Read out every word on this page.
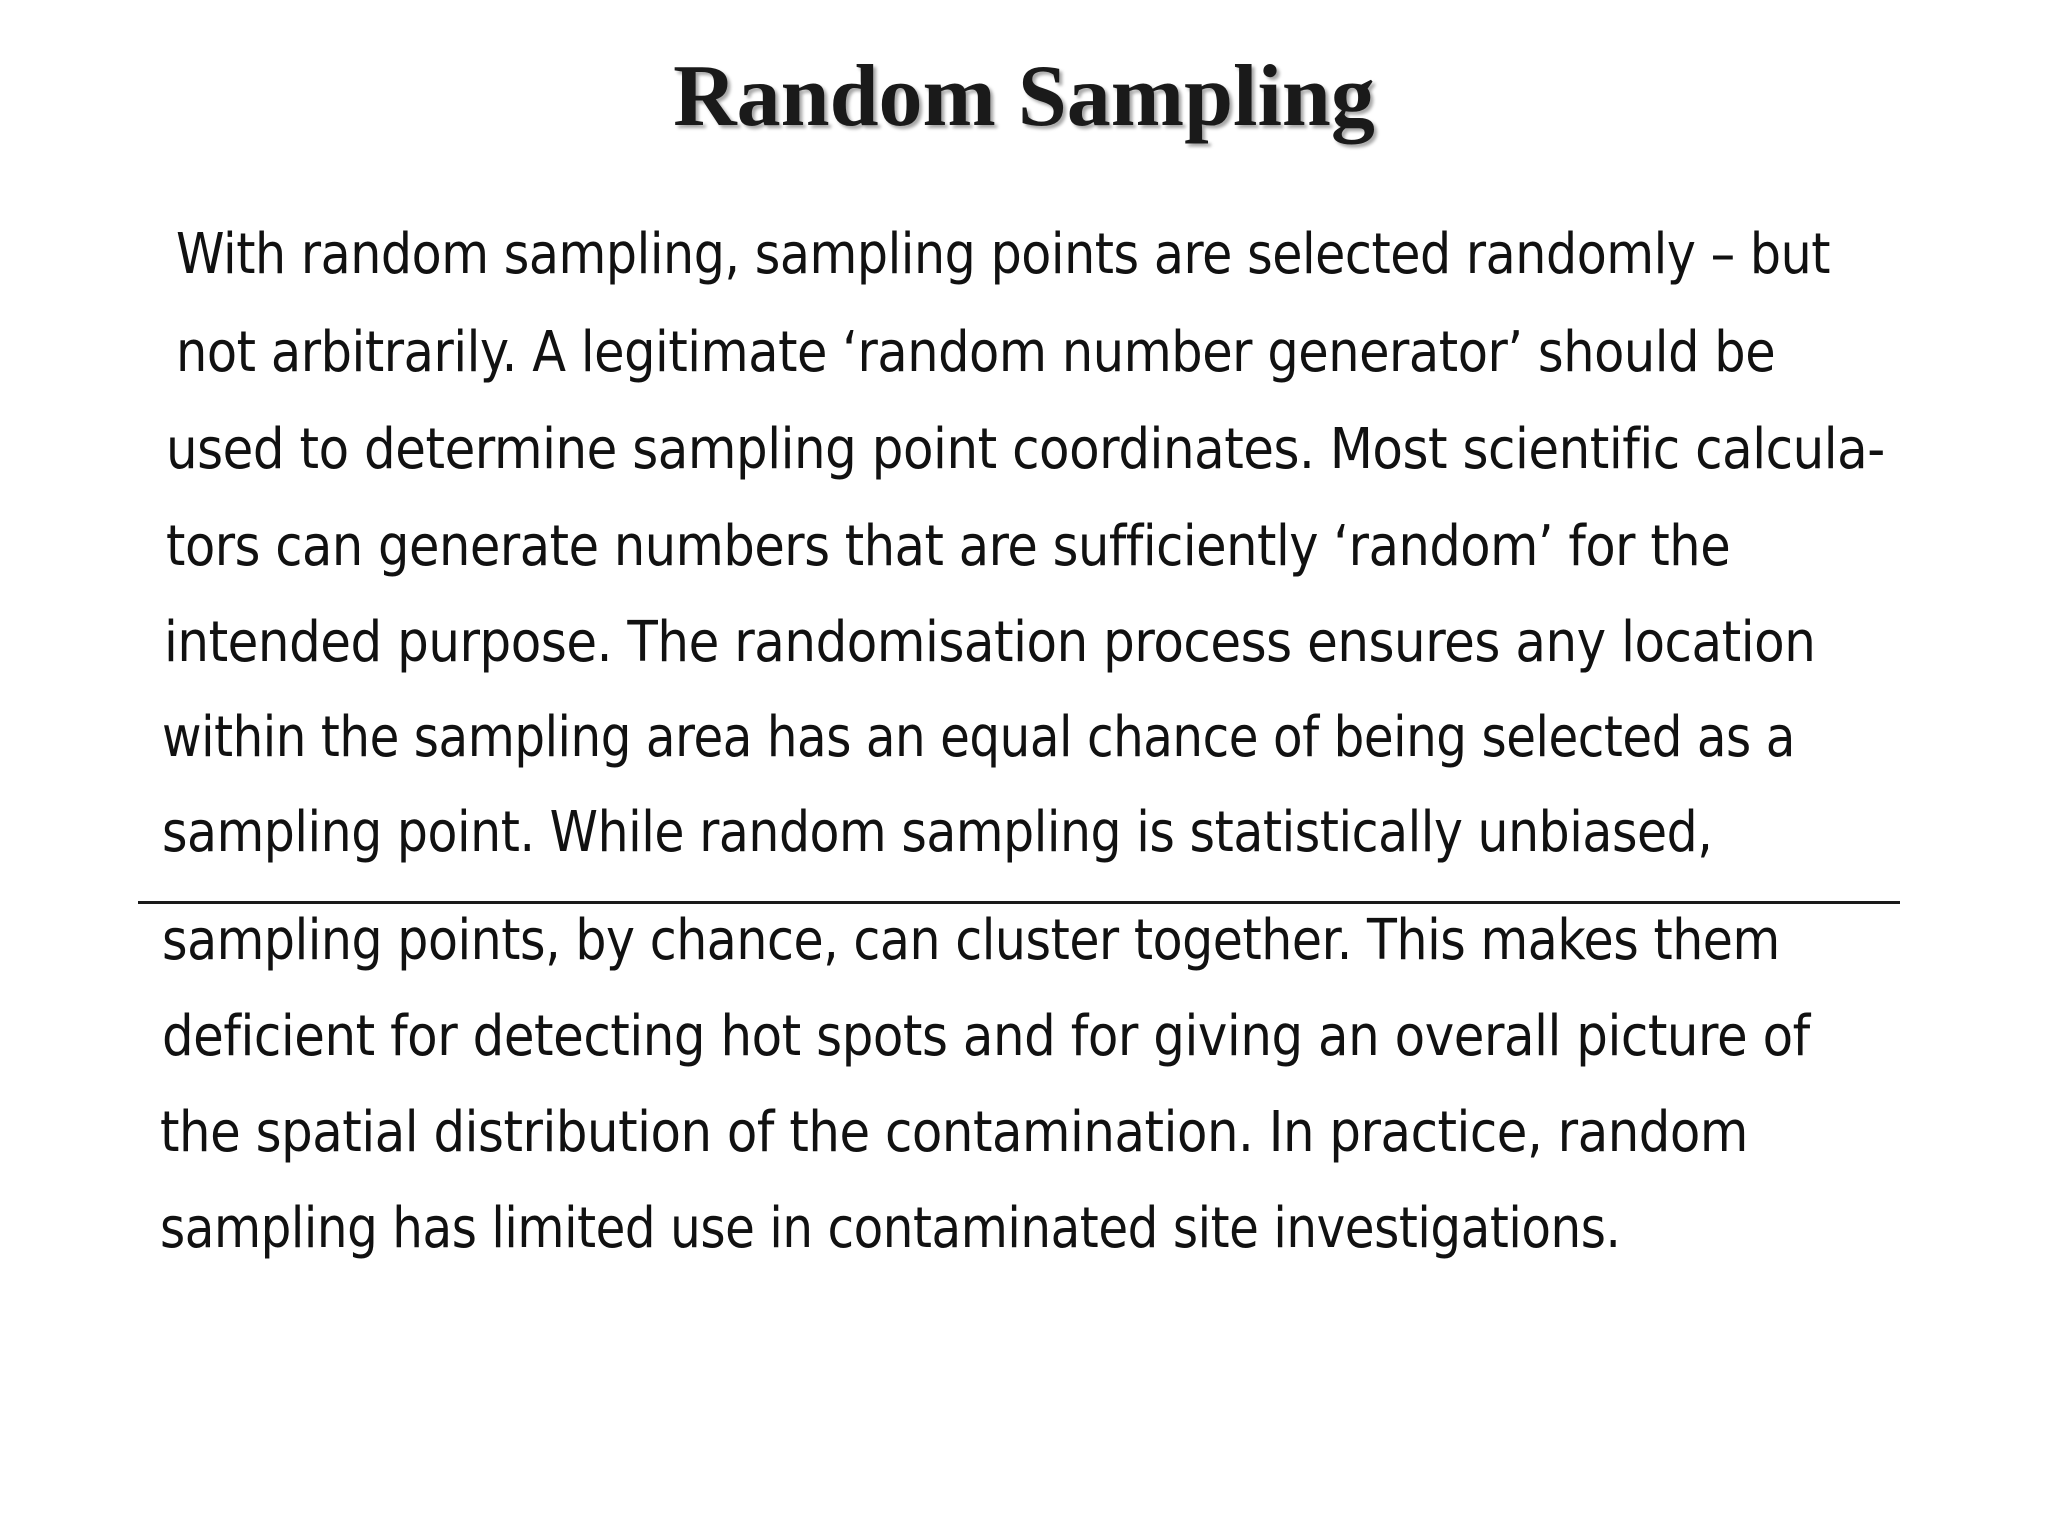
Random Sampling
With random sampling, sampling points are selected randomly – but
not arbitrarily. A legitimate ‘random number generator’ should be
used to determine sampling point coordinates. Most scientific calcula-
tors can generate numbers that are sufficiently ‘random’ for the
intended purpose. The randomisation process ensures any location
within the sampling area has an equal chance of being selected as a
sampling point. While random sampling is statistically unbiased,
sampling points, by chance, can cluster together. This makes them
deficient for detecting hot spots and for giving an overall picture of
the spatial distribution of the contamination. In practice, random
sampling has limited use in contaminated site investigations.
